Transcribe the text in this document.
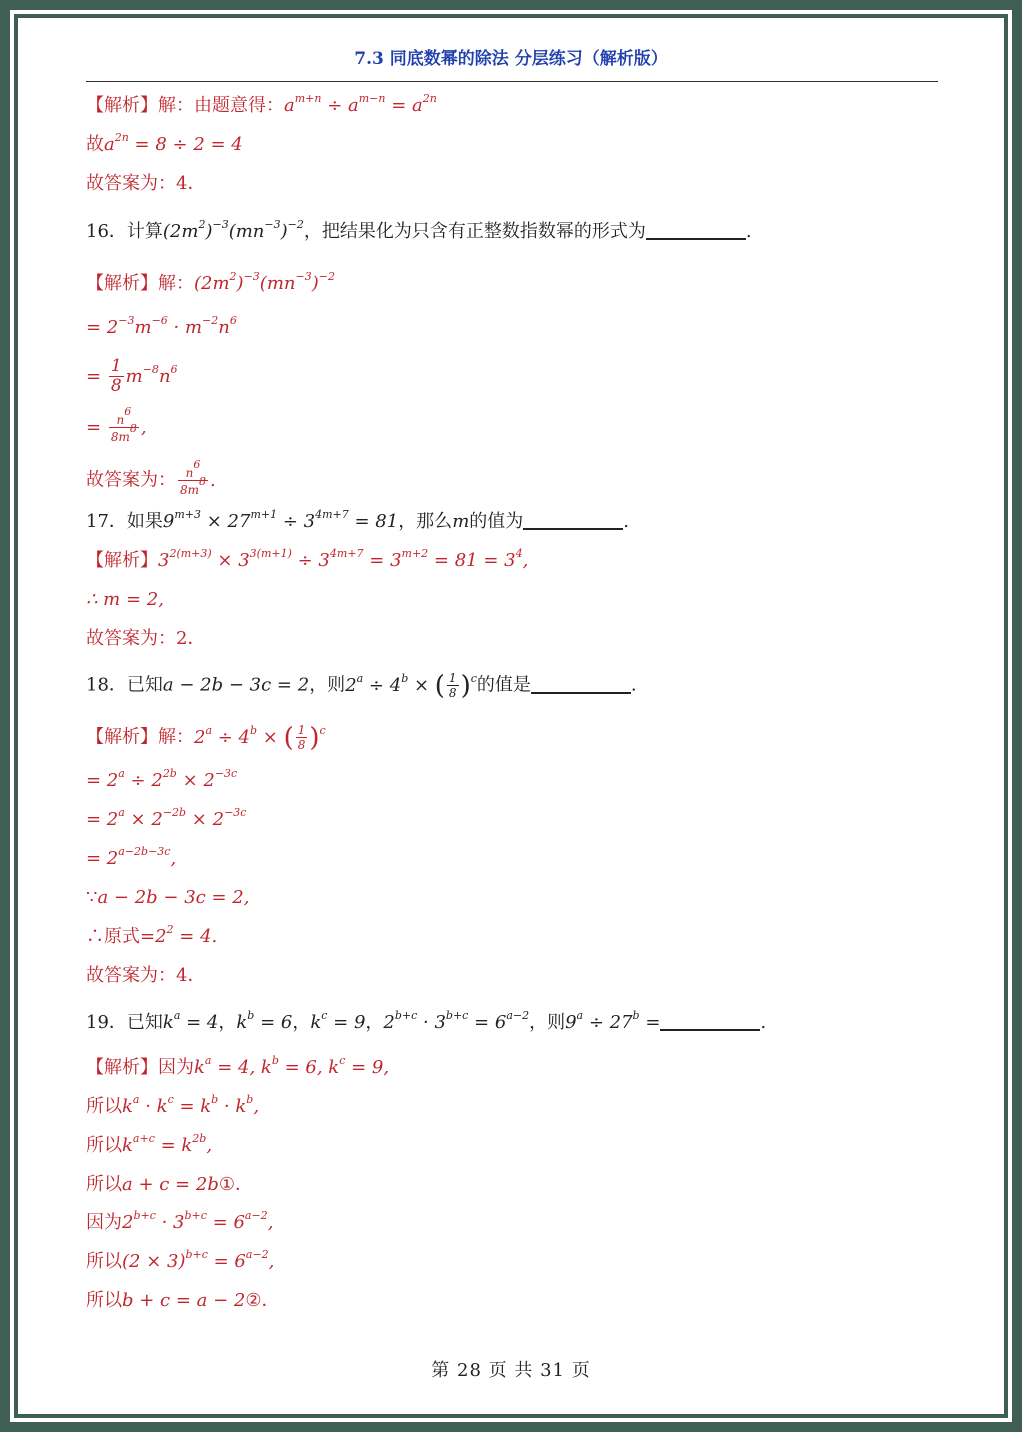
7.3 同底数幂的除法 分层练习（解析版）
【解析】解：由题意得：$a^{m+n} \div a^{m-n} = a^{2n}$
故$a^{2n} = 8 \div 2 = 4$
故答案为：4．
16．计算$(2m^2)^{-3}(mn^{-3})^{-2}$，把结果化为只含有正整数指数幂的形式为	.
【解析】解：$(2m^2)^{-3}(mn^{-3})^{-2}$
= $2^{-3}m^{-6} \cdot m^{-2}n^6$
= $\frac{1}{8} m^{-8}n^6$
= $\frac{n^6}{8m^8}$ ,
故答案为： $\frac{n^6}{8m^8}$ .
17．如果$9^{m+3} \times 27^{m+1} \div 3^{4m+7} = 81$，那么m的值为	.
【解析】$3^{2(m+3)} \times 3^{3(m+1)} \div 3^{4m+7} = 3^{m+2} = 81 = 3^4$,
∴ m = 2,
故答案为：2．
18．已知a − 2b − 3c = 2，则$2^a \div 4^b$ × ( $\frac{1}{8} )^c$的值是	.
【解析】解：$2^a \div 4^b$ × ( $\frac{1}{8} )^c$
= $2^a \div 2^{2b} \times 2^{-3c}$
= $2^a \times 2^{-2b} \times 2^{-3c}$
= $2^{a-2b-3c}$,
∵a − 2b − 3c = 2,
∴原式$=2^2 = 4$.
故答案为：4．
19．已知$k^a = 4$，$k^b = 6$，$k^c = 9$，$2^{b+c} \cdot 3^{b+c} = 6^{a-2}$，则$9^a \div 27^b$ =	.
【解析】因为$k^a = 4$, $k^b = 6$, $k^c = 9$,
所以$k^a \cdot k^c = k^b \cdot k^b$,
所以$k^{a+c} = k^{2b}$,
所以a + c = 2b①．
因为$2^{b+c} \cdot 3^{b+c} = 6^{a-2}$,
所以$(2 \times 3)^{b+c} = 6^{a-2}$,
所以b + c = a − 2②．
第 28 页 共 31 页
